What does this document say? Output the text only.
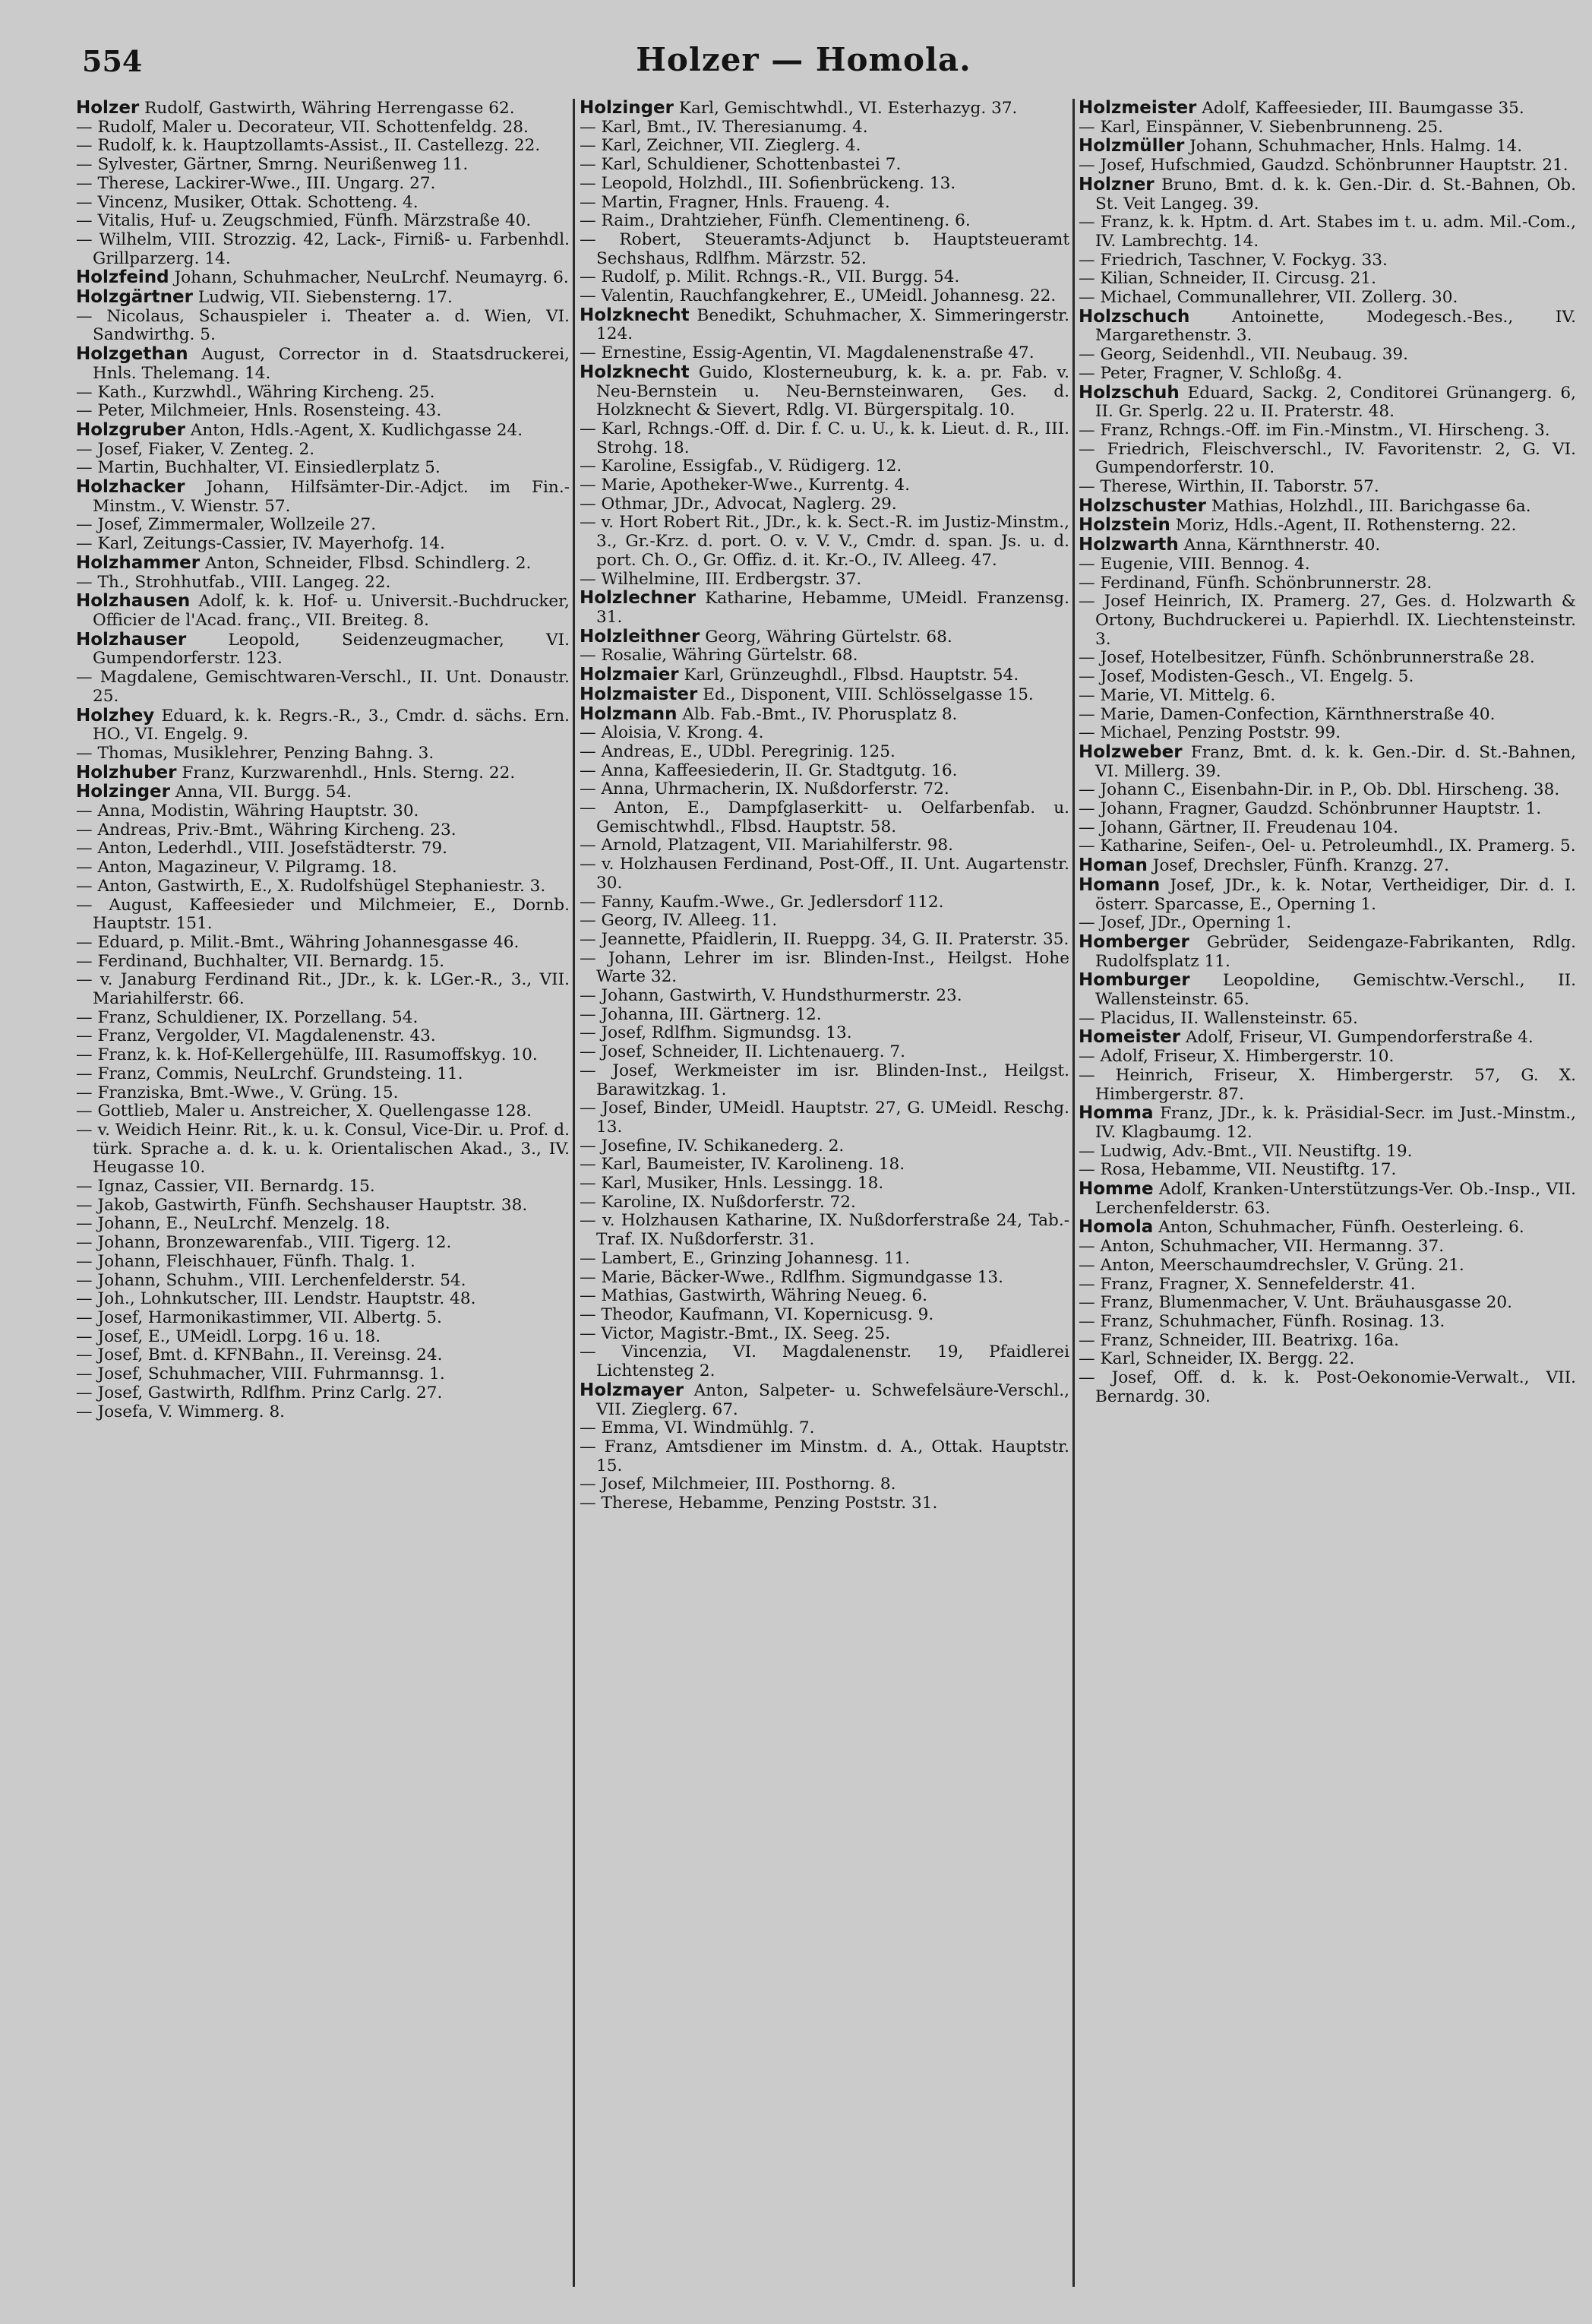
554	Holzer — Homola.

Holzer Rudolf, Gastwirth, Währing Herrengasse 62.

— Rudolf, Maler u. Decorateur, VII. Schottenfeldg. 28.

— Rudolf, k. k. Hauptzollamts-Assist., II. Castellezg. 22.

— Sylvester, Gärtner, Smrng. Neurißenweg 11.

— Therese, Lackirer-Wwe., III. Ungarg. 27.

— Vincenz, Musiker, Ottak. Schotteng. 4.

— Vitalis, Huf- u. Zeugschmied, Fünfh. Märzstraße 40.

— Wilhelm, VIII. Strozzig. 42, Lack-, Firniß- u. Farbenhdl. Grillparzerg. 14.

Holzfeind Johann, Schuhmacher, NeuLrchf. Neumayrg. 6.

Holzgärtner Ludwig, VII. Siebensterng. 17.

— Nicolaus, Schauspieler i. Theater a. d. Wien, VI. Sandwirthg. 5.

Holzgethan August, Corrector in d. Staatsdruckerei, Hnls. Thelemang. 14.

— Kath., Kurzwhdl., Währing Kircheng. 25.

— Peter, Milchmeier, Hnls. Rosensteing. 43.

Holzgruber Anton, Hdls.-Agent, X. Kudlichgasse 24.

— Josef, Fiaker, V. Zenteg. 2.

— Martin, Buchhalter, VI. Einsiedlerplatz 5.

Holzhacker Johann, Hilfsämter-Dir.-Adjct. im Fin.-Minstm., V. Wienstr. 57.

— Josef, Zimmermaler, Wollzeile 27.

— Karl, Zeitungs-Cassier, IV. Mayerhofg. 14.

Holzhammer Anton, Schneider, Flbsd. Schindlerg. 2.

— Th., Strohhutfab., VIII. Langeg. 22.

Holzhausen Adolf, k. k. Hof- u. Universit.-Buchdrucker, Officier de l'Acad. franç., VII. Breiteg. 8.

Holzhauser Leopold, Seidenzeugmacher, VI. Gumpendorferstr. 123.

— Magdalene, Gemischtwaren-Verschl., II. Unt. Donaustr. 25.

Holzhey Eduard, k. k. Regrs.-R., 3., Cmdr. d. sächs. Ern. HO., VI. Engelg. 9.

— Thomas, Musiklehrer, Penzing Bahng. 3.

Holzhuber Franz, Kurzwarenhdl., Hnls. Sterng. 22.

Holzinger Anna, VII. Burgg. 54.

— Anna, Modistin, Währing Hauptstr. 30.

— Andreas, Priv.-Bmt., Währing Kircheng. 23.

— Anton, Lederhdl., VIII. Josefstädterstr. 79.

— Anton, Magazineur, V. Pilgramg. 18.

— Anton, Gastwirth, E., X. Rudolfshügel Stephaniestr. 3.

— August, Kaffeesieder und Milchmeier, E., Dornb. Hauptstr. 151.

— Eduard, p. Milit.-Bmt., Währing Johannesgasse 46.

— Ferdinand, Buchhalter, VII. Bernardg. 15.

— v. Janaburg Ferdinand Rit., JDr., k. k. LGer.-R., 3., VII. Mariahilferstr. 66.

— Franz, Schuldiener, IX. Porzellang. 54.

— Franz, Vergolder, VI. Magdalenenstr. 43.

— Franz, k. k. Hof-Kellergehülfe, III. Rasumoffskyg. 10.

— Franz, Commis, NeuLrchf. Grundsteing. 11.

— Franziska, Bmt.-Wwe., V. Grüng. 15.

— Gottlieb, Maler u. Anstreicher, X. Quellengasse 128.

— v. Weidich Heinr. Rit., k. u. k. Consul, Vice-Dir. u. Prof. d. türk. Sprache a. d. k. u. k. Orientalischen Akad., 3., IV. Heugasse 10.

— Ignaz, Cassier, VII. Bernardg. 15.

— Jakob, Gastwirth, Fünfh. Sechshauser Hauptstr. 38.

— Johann, E., NeuLrchf. Menzelg. 18.

— Johann, Bronzewarenfab., VIII. Tigerg. 12.

— Johann, Fleischhauer, Fünfh. Thalg. 1.

— Johann, Schuhm., VIII. Lerchenfelderstr. 54.

— Joh., Lohnkutscher, III. Lendstr. Hauptstr. 48.

— Josef, Harmonikastimmer, VII. Albertg. 5.

— Josef, E., UMeidl. Lorpg. 16 u. 18.

— Josef, Bmt. d. KFNBahn., II. Vereinsg. 24.

— Josef, Schuhmacher, VIII. Fuhrmannsg. 1.

— Josef, Gastwirth, Rdlfhm. Prinz Carlg. 27.

— Josefa, V. Wimmerg. 8.

Holzinger Karl, Gemischtwhdl., VI. Esterhazyg. 37.

— Karl, Bmt., IV. Theresianumg. 4.

— Karl, Zeichner, VII. Zieglerg. 4.

— Karl, Schuldiener, Schottenbastei 7.

— Leopold, Holzhdl., III. Sofienbrückeng. 13.

— Martin, Fragner, Hnls. Fraueng. 4.

— Raim., Drahtzieher, Fünfh. Clementineng. 6.

— Robert, Steueramts-Adjunct b. Hauptsteueramt Sechshaus, Rdlfhm. Märzstr. 52.

— Rudolf, p. Milit. Rchngs.-R., VII. Burgg. 54.

— Valentin, Rauchfangkehrer, E., UMeidl. Johannesg. 22.

Holzknecht Benedikt, Schuhmacher, X. Simmeringerstr. 124.

— Ernestine, Essig-Agentin, VI. Magdalenenstraße 47.

Holzknecht Guido, Klosterneuburg, k. k. a. pr. Fab. v. Neu-Bernstein u. Neu-Bernsteinwaren, Ges. d. Holzknecht & Sievert, Rdlg. VI. Bürgerspitalg. 10.

— Karl, Rchngs.-Off. d. Dir. f. C. u. U., k. k. Lieut. d. R., III. Strohg. 18.

— Karoline, Essigfab., V. Rüdigerg. 12.

— Marie, Apotheker-Wwe., Kurrentg. 4.

— Othmar, JDr., Advocat, Naglerg. 29.

— v. Hort Robert Rit., JDr., k. k. Sect.-R. im Justiz-Minstm., 3., Gr.-Krz. d. port. O. v. V. V., Cmdr. d. span. Js. u. d. port. Ch. O., Gr. Offiz. d. it. Kr.-O., IV. Alleeg. 47.

— Wilhelmine, III. Erdbergstr. 37.

Holzlechner Katharine, Hebamme, UMeidl. Franzensg. 31.

Holzleithner Georg, Währing Gürtelstr. 68.

— Rosalie, Währing Gürtelstr. 68.

Holzmaier Karl, Grünzeughdl., Flbsd. Hauptstr. 54.

Holzmaister Ed., Disponent, VIII. Schlösselgasse 15.

Holzmann Alb. Fab.-Bmt., IV. Phorusplatz 8.

— Aloisia, V. Krong. 4.

— Andreas, E., UDbl. Peregrinig. 125.

— Anna, Kaffeesiederin, II. Gr. Stadtgutg. 16.

— Anna, Uhrmacherin, IX. Nußdorferstr. 72.

— Anton, E., Dampfglaserkitt- u. Oelfarbenfab. u. Gemischtwhdl., Flbsd. Hauptstr. 58.

— Arnold, Platzagent, VII. Mariahilferstr. 98.

— v. Holzhausen Ferdinand, Post-Off., II. Unt. Augartenstr. 30.

— Fanny, Kaufm.-Wwe., Gr. Jedlersdorf 112.

— Georg, IV. Alleeg. 11.

— Jeannette, Pfaidlerin, II. Rueppg. 34, G. II. Praterstr. 35.

— Johann, Lehrer im isr. Blinden-Inst., Heilgst. Hohe Warte 32.

— Johann, Gastwirth, V. Hundsthurmerstr. 23.

— Johanna, III. Gärtnerg. 12.

— Josef, Rdlfhm. Sigmundsg. 13.

— Josef, Schneider, II. Lichtenauerg. 7.

— Josef, Werkmeister im isr. Blinden-Inst., Heilgst. Barawitzkag. 1.

— Josef, Binder, UMeidl. Hauptstr. 27, G. UMeidl. Reschg. 13.

— Josefine, IV. Schikanederg. 2.

— Karl, Baumeister, IV. Karolineng. 18.

— Karl, Musiker, Hnls. Lessingg. 18.

— Karoline, IX. Nußdorferstr. 72.

— v. Holzhausen Katharine, IX. Nußdorferstraße 24, Tab.-Traf. IX. Nußdorferstr. 31.

— Lambert, E., Grinzing Johannesg. 11.

— Marie, Bäcker-Wwe., Rdlfhm. Sigmundgasse 13.

— Mathias, Gastwirth, Währing Neueg. 6.

— Theodor, Kaufmann, VI. Kopernicusg. 9.

— Victor, Magistr.-Bmt., IX. Seeg. 25.

— Vincenzia, VI. Magdalenenstr. 19, Pfaidlerei Lichtensteg 2.

Holzmayer Anton, Salpeter- u. Schwefelsäure-Verschl., VII. Zieglerg. 67.

— Emma, VI. Windmühlg. 7.

— Franz, Amtsdiener im Minstm. d. A., Ottak. Hauptstr. 15.

— Josef, Milchmeier, III. Posthorng. 8.

— Therese, Hebamme, Penzing Poststr. 31.

Holzmeister Adolf, Kaffeesieder, III. Baumgasse 35.

— Karl, Einspänner, V. Siebenbrunneng. 25.

Holzmüller Johann, Schuhmacher, Hnls. Halmg. 14.

— Josef, Hufschmied, Gaudzd. Schönbrunner Hauptstr. 21.

Holzner Bruno, Bmt. d. k. k. Gen.-Dir. d. St.-Bahnen, Ob. St. Veit Langeg. 39.

— Franz, k. k. Hptm. d. Art. Stabes im t. u. adm. Mil.-Com., IV. Lambrechtg. 14.

— Friedrich, Taschner, V. Fockyg. 33.

— Kilian, Schneider, II. Circusg. 21.

— Michael, Communallehrer, VII. Zollerg. 30.

Holzschuch Antoinette, Modegesch.-Bes., IV. Margarethenstr. 3.

— Georg, Seidenhdl., VII. Neubaug. 39.

— Peter, Fragner, V. Schloßg. 4.

Holzschuh Eduard, Sackg. 2, Conditorei Grünangerg. 6, II. Gr. Sperlg. 22 u. II. Praterstr. 48.

— Franz, Rchngs.-Off. im Fin.-Minstm., VI. Hirscheng. 3.

— Friedrich, Fleischverschl., IV. Favoritenstr. 2, G. VI. Gumpendorferstr. 10.

— Therese, Wirthin, II. Taborstr. 57.

Holzschuster Mathias, Holzhdl., III. Barichgasse 6a.

Holzstein Moriz, Hdls.-Agent, II. Rothensterng. 22.

Holzwarth Anna, Kärnthnerstr. 40.

— Eugenie, VIII. Bennog. 4.

— Ferdinand, Fünfh. Schönbrunnerstr. 28.

— Josef Heinrich, IX. Pramerg. 27, Ges. d. Holzwarth & Ortony, Buchdruckerei u. Papierhdl. IX. Liechtensteinstr. 3.

— Josef, Hotelbesitzer, Fünfh. Schönbrunnerstraße 28.

— Josef, Modisten-Gesch., VI. Engelg. 5.

— Marie, VI. Mittelg. 6.

— Marie, Damen-Confection, Kärnthnerstraße 40.

— Michael, Penzing Poststr. 99.

Holzweber Franz, Bmt. d. k. k. Gen.-Dir. d. St.-Bahnen, VI. Millerg. 39.

— Johann C., Eisenbahn-Dir. in P., Ob. Dbl. Hirscheng. 38.

— Johann, Fragner, Gaudzd. Schönbrunner Hauptstr. 1.

— Johann, Gärtner, II. Freudenau 104.

— Katharine, Seifen-, Oel- u. Petroleumhdl., IX. Pramerg. 5.

Homan Josef, Drechsler, Fünfh. Kranzg. 27.

Homann Josef, JDr., k. k. Notar, Vertheidiger, Dir. d. I. österr. Sparcasse, E., Operning 1.

— Josef, JDr., Operning 1.

Homberger Gebrüder, Seidengaze-Fabrikanten, Rdlg. Rudolfsplatz 11.

Homburger Leopoldine, Gemischtw.-Verschl., II. Wallensteinstr. 65.

— Placidus, II. Wallensteinstr. 65.

Homeister Adolf, Friseur, VI. Gumpendorferstraße 4.

— Adolf, Friseur, X. Himbergerstr. 10.

— Heinrich, Friseur, X. Himbergerstr. 57, G. X. Himbergerstr. 87.

Homma Franz, JDr., k. k. Präsidial-Secr. im Just.-Minstm., IV. Klagbaumg. 12.

— Ludwig, Adv.-Bmt., VII. Neustiftg. 19.

— Rosa, Hebamme, VII. Neustiftg. 17.

Homme Adolf, Kranken-Unterstützungs-Ver. Ob.-Insp., VII. Lerchenfelderstr. 63.

Homola Anton, Schuhmacher, Fünfh. Oesterleing. 6.

— Anton, Schuhmacher, VII. Hermanng. 37.

— Anton, Meerschaumdrechsler, V. Grüng. 21.

— Franz, Fragner, X. Sennefelderstr. 41.

— Franz, Blumenmacher, V. Unt. Bräuhausgasse 20.

— Franz, Schuhmacher, Fünfh. Rosinag. 13.

— Franz, Schneider, III. Beatrixg. 16a.

— Karl, Schneider, IX. Bergg. 22.

— Josef, Off. d. k. k. Post-Oekonomie-Verwalt., VII. Bernardg. 30.
